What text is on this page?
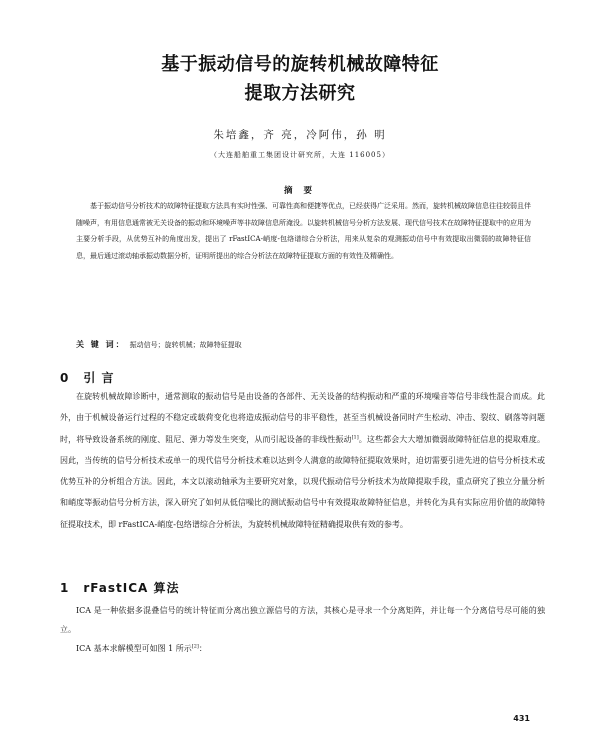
基于振动信号的旋转机械故障特征
提取方法研究
朱培鑫，齐 亮，冷阿伟，孙 明
（大连船舶重工集团设计研究所，大连 116005）
摘 要

基于振动信号分析技术的故障特征提取方法具有实时性强、可靠性高和便捷等优点，已经获得广泛采用。然而，旋转机械故障信息往往较弱且伴随噪声，有用信息通常被无关设备的振动和环境噪声等非故障信息所淹没。以旋转机械信号分析方法发展、现代信号技术在故障特征提取中的应用为主要分析手段，从优势互补的角度出发，提出了 rFastICA-峭度-包络谱综合分析法，用来从复杂的观测振动信号中有效提取出微弱的故障特征信息，最后通过滚动轴承振动数据分析，证明所提出的综合分析法在故障特征提取方面的有效性及精确性。

关 键 词： 振动信号；旋转机械；故障特征提取
0 引 言

在旋转机械故障诊断中，通常测取的振动信号是由设备的各部件、无关设备的结构振动和严重的环境噪音等信号非线性混合而成。此外，由于机械设备运行过程的不稳定或载荷变化也将造成振动信号的非平稳性，甚至当机械设备同时产生松动、冲击、裂纹、刷落等问题时，将导致设备系统的刚度、阻尼、弹力等发生突变，从而引起设备的非线性振动[1]。这些都会大大增加微弱故障特征信息的提取难度。因此，当传统的信号分析技术或单一的现代信号分析技术难以达到令人满意的故障特征提取效果时，迫切需要引进先进的信号分析技术或优势互补的分析组合方法。因此，本文以滚动轴承为主要研究对象，以现代振动信号分析技术为故障提取手段，重点研究了独立分量分析和峭度等振动信号分析方法，深入研究了如何从低信噪比的测试振动信号中有效提取故障特征信息，并转化为具有实际应用价值的故障特征提取技术，即 rFastICA-峭度-包络谱综合分析法，为旋转机械故障特征精确提取供有效的参考。

1 rFastICA 算法

ICA 是一种依据多混叠信号的统计特征而分离出独立源信号的方法，其核心是寻求一个分离矩阵，并让每一个分离信号尽可能的独立。

ICA 基本求解模型可如图 1 所示[2]：

431
